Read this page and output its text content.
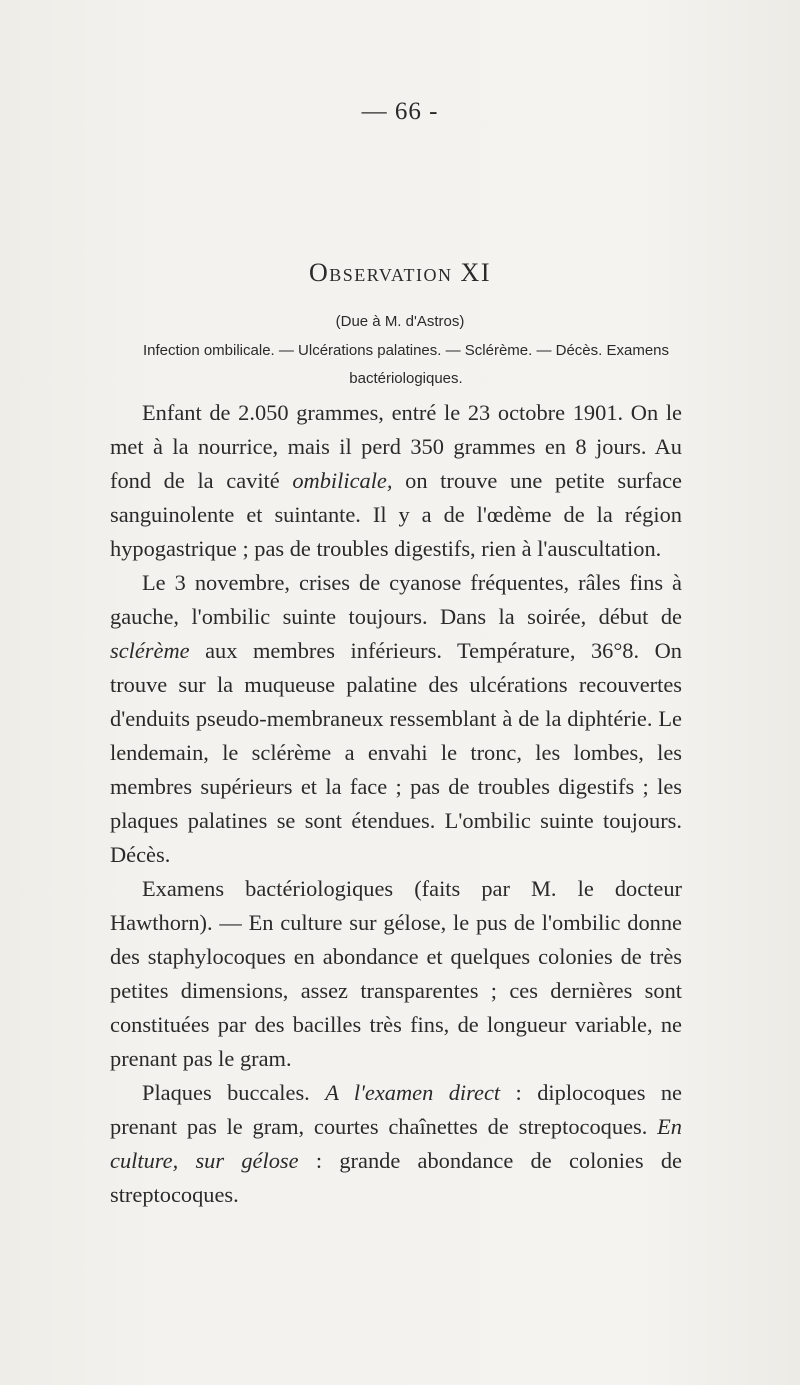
— 66 -
Observation XI
(Due à M. d'Astros)
Infection ombilicale. — Ulcérations palatines. — Sclérème. — Décès. Examens bactériologiques.

Enfant de 2.050 grammes, entré le 23 octobre 1901. On le met à la nourrice, mais il perd 350 grammes en 8 jours. Au fond de la cavité ombilicale, on trouve une petite surface sanguinolente et suintante. Il y a de l'œdème de la région hypogastrique ; pas de troubles digestifs, rien à l'auscultation.

Le 3 novembre, crises de cyanose fréquentes, râles fins à gauche, l'ombilic suinte toujours. Dans la soirée, début de sclérème aux membres inférieurs. Température, 36°8. On trouve sur la muqueuse palatine des ulcérations recouvertes d'enduits pseudo-membraneux ressemblant à de la diphtérie. Le lendemain, le sclérème a envahi le tronc, les lombes, les membres supérieurs et la face ; pas de troubles digestifs ; les plaques palatines se sont étendues. L'ombilic suinte toujours. Décès.

Examens bactériologiques (faits par M. le docteur Hawthorn). — En culture sur gélose, le pus de l'ombilic donne des staphylocoques en abondance et quelques colonies de très petites dimensions, assez transparentes ; ces dernières sont constituées par des bacilles très fins, de longueur variable, ne prenant pas le gram.

Plaques buccales. A l'examen direct : diplocoques ne prenant pas le gram, courtes chaînettes de streptocoques. En culture, sur gélose : grande abondance de colonies de streptocoques.
